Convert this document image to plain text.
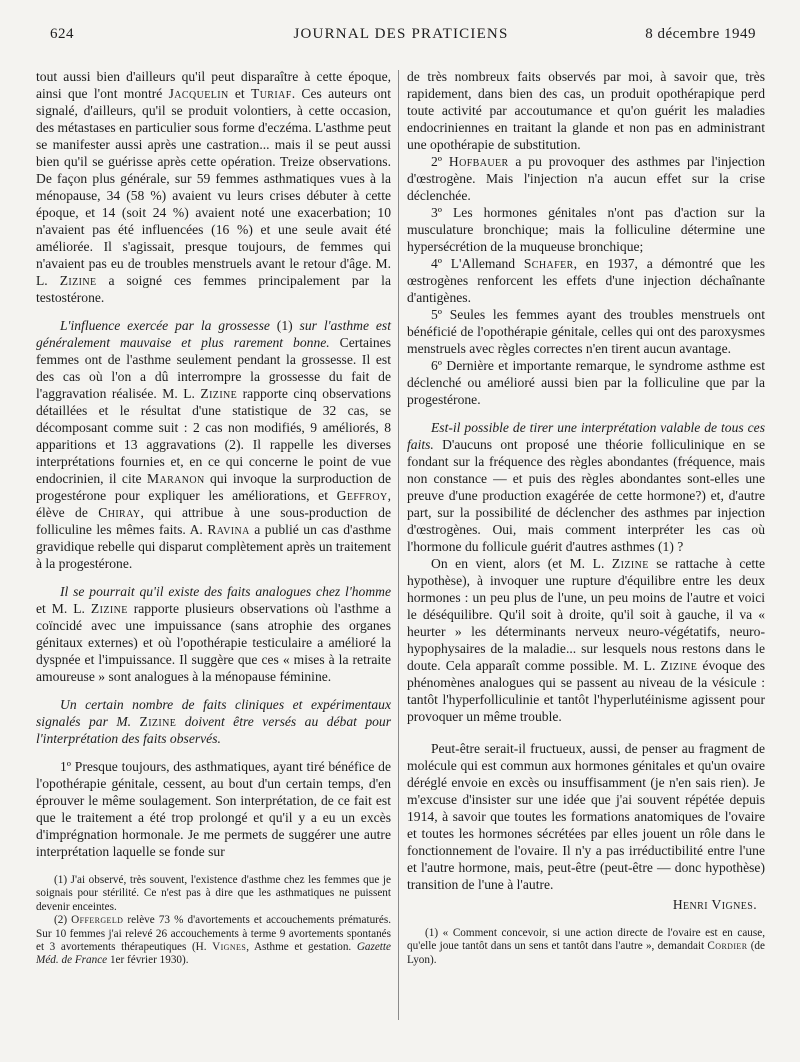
624	JOURNAL DES PRATICIENS	8 décembre 1949

tout aussi bien d'ailleurs qu'il peut disparaître à cette époque, ainsi que l'ont montré Jacquelin et Turiaf. Ces auteurs ont signalé, d'ailleurs, qu'il se produit volontiers, à cette occasion, des métastases en particulier sous forme d'eczéma. L'asthme peut se manifester aussi après une castration... mais il se peut aussi bien qu'il se guérisse après cette opération. Treize observations. De façon plus générale, sur 59 femmes asthmatiques vues à la ménopause, 34 (58 %) avaient vu leurs crises débuter à cette époque, et 14 (soit 24 %) avaient noté une exacerbation; 10 n'avaient pas été influencées (16 %) et une seule avait été améliorée. Il s'agissait, presque toujours, de femmes qui n'avaient pas eu de troubles menstruels avant le retour d'âge. M. L. Zizine a soigné ces femmes principalement par la testostérone.

L'influence exercée par la grossesse (1) sur l'asthme est généralement mauvaise et plus rarement bonne. Certaines femmes ont de l'asthme seulement pendant la grossesse. Il est des cas où l'on a dû interrompre la grossesse du fait de l'aggravation réalisée. M. L. Zizine rapporte cinq observations détaillées et le résultat d'une statistique de 32 cas, se décomposant comme suit : 2 cas non modifiés, 9 améliorés, 8 apparitions et 13 aggravations (2). Il rappelle les diverses interprétations fournies et, en ce qui concerne le point de vue endocrinien, il cite Maranon qui invoque la surproduction de progestérone pour expliquer les améliorations, et Geffroy, élève de Chiray, qui attribue à une sous-production de folliculine les mêmes faits. A. Ravina a publié un cas d'asthme gravidique rebelle qui disparut complètement après un traitement à la progestérone.

Il se pourrait qu'il existe des faits analogues chez l'homme et M. L. Zizine rapporte plusieurs observations où l'asthme a coïncidé avec une impuissance (sans atrophie des organes génitaux externes) et où l'opothérapie testiculaire a amélioré la dyspnée et l'impuissance. Il suggère que ces « mises à la retraite amoureuse » sont analogues à la ménopause féminine.

Un certain nombre de faits cliniques et expérimentaux signalés par M. Zizine doivent être versés au débat pour l'interprétation des faits observés.

1º Presque toujours, des asthmatiques, ayant tiré bénéfice de l'opothérapie génitale, cessent, au bout d'un certain temps, d'en éprouver le même soulagement. Son interprétation, de ce fait est que le traitement a été trop prolongé et qu'il y a eu un excès d'imprégnation hormonale. Je me permets de suggérer une autre interprétation laquelle se fonde sur

(1) J'ai observé, très souvent, l'existence d'asthme chez les femmes que je soignais pour stérilité. Ce n'est pas à dire que les asthmatiques ne puissent devenir enceintes.

(2) Offergeld relève 73 % d'avortements et accouchements prématurés. Sur 10 femmes j'ai relevé 26 accouchements à terme 9 avortements spontanés et 3 avortements thérapeutiques (H. Vignes, Asthme et gestation. Gazette Méd. de France 1er février 1930).

de très nombreux faits observés par moi, à savoir que, très rapidement, dans bien des cas, un produit opothérapique perd toute activité par accoutumance et qu'on guérit les maladies endocriniennes en traitant la glande et non pas en administrant une opothérapie de substitution.

2º Hofbauer a pu provoquer des asthmes par l'injection d'œstrogène. Mais l'injection n'a aucun effet sur la crise déclenchée.

3º Les hormones génitales n'ont pas d'action sur la musculature bronchique; mais la folliculine détermine une hypersécrétion de la muqueuse bronchique;

4º L'Allemand Schafer, en 1937, a démontré que les œstrogènes renforcent les effets d'une injection déchaînante d'antigènes.

5º Seules les femmes ayant des troubles menstruels ont bénéficié de l'opothérapie génitale, celles qui ont des paroxysmes menstruels avec règles correctes n'en tirent aucun avantage.

6º Dernière et importante remarque, le syndrome asthme est déclenché ou amélioré aussi bien par la folliculine que par la progestérone.

Est-il possible de tirer une interprétation valable de tous ces faits. D'aucuns ont proposé une théorie folliculinique en se fondant sur la fréquence des règles abondantes (fréquence, mais non constance — et puis des règles abondantes sont-elles une preuve d'une production exagérée de cette hormone?) et, d'autre part, sur la possibilité de déclencher des asthmes par injection d'œstrogènes. Oui, mais comment interpréter les cas où l'hormone du follicule guérit d'autres asthmes (1) ?

On en vient, alors (et M. L. Zizine se rattache à cette hypothèse), à invoquer une rupture d'équilibre entre les deux hormones : un peu plus de l'une, un peu moins de l'autre et voici le déséquilibre. Qu'il soit à droite, qu'il soit à gauche, il va « heurter » les déterminants nerveux neuro-végétatifs, neuro-hypophysaires de la maladie... sur lesquels nous restons dans le doute. Cela apparaît comme possible. M. L. Zizine évoque des phénomènes analogues qui se passent au niveau de la vésicule : tantôt l'hyperfolliculinie et tantôt l'hyperlutéinisme agissent pour provoquer un même trouble.

Peut-être serait-il fructueux, aussi, de penser au fragment de molécule qui est commun aux hormones génitales et qu'un ovaire déréglé envoie en excès ou insuffisamment (je n'en sais rien). Je m'excuse d'insister sur une idée que j'ai souvent répétée depuis 1914, à savoir que toutes les formations anatomiques de l'ovaire et toutes les hormones sécrétées par elles jouent un rôle dans le fonctionnement de l'ovaire. Il n'y a pas irréductibilité entre l'une et l'autre hormone, mais, peut-être (peut-être — donc hypothèse) transition de l'une à l'autre.

Henri Vignes.

(1) « Comment concevoir, si une action directe de l'ovaire est en cause, qu'elle joue tantôt dans un sens et tantôt dans l'autre », demandait Cordier (de Lyon).
